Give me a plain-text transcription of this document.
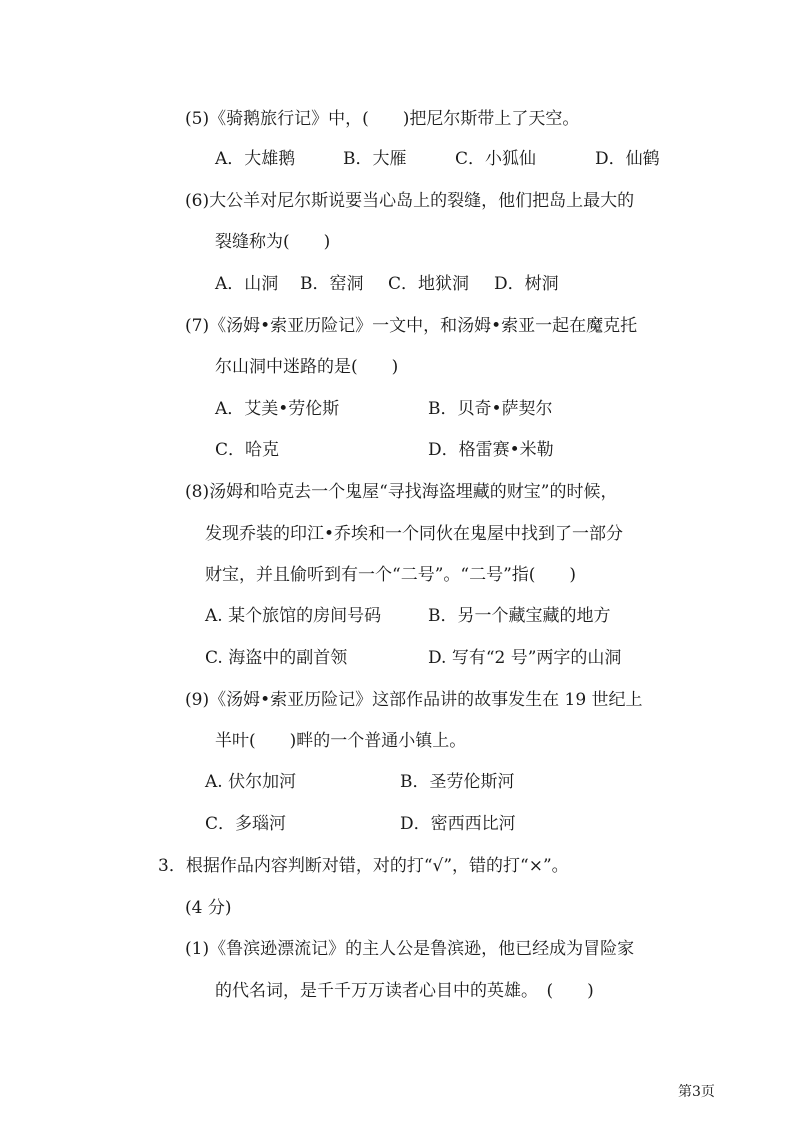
(5)《骑鹅旅行记》中，(　　)把尼尔斯带上了天空。
A．大雄鹅	B．大雁	C．小狐仙	D．仙鹤
(6)大公羊对尼尔斯说要当心岛上的裂缝，他们把岛上最大的
裂缝称为(　　)
A．山洞 B．窑洞 C．地狱洞 D．树洞
(7)《汤姆•索亚历险记》一文中，和汤姆•索亚一起在魔克托
尔山洞中迷路的是(　　)
A．艾美•劳伦斯	B．贝奇•萨契尔
C．哈克	D．格雷赛•米勒
(8)汤姆和哈克去一个鬼屋“寻找海盗埋藏的财宝”的时候，
发现乔装的印江•乔埃和一个同伙在鬼屋中找到了一部分
财宝，并且偷听到有一个“二号”。“二号”指(　　)
A. 某个旅馆的房间号码	B．另一个藏宝藏的地方
C. 海盗中的副首领	D. 写有“2 号”两字的山洞
(9)《汤姆•索亚历险记》这部作品讲的故事发生在 19 世纪上
半叶(　　)畔的一个普通小镇上。
A. 伏尔加河	B．圣劳伦斯河
C．多瑙河	D．密西西比河
3．根据作品内容判断对错，对的打“√”，错的打“×”。
(4 分)
(1)《鲁滨逊漂流记》的主人公是鲁滨逊，他已经成为冒险家
的代名词，是千千万万读者心目中的英雄。　(　　)
第3页
